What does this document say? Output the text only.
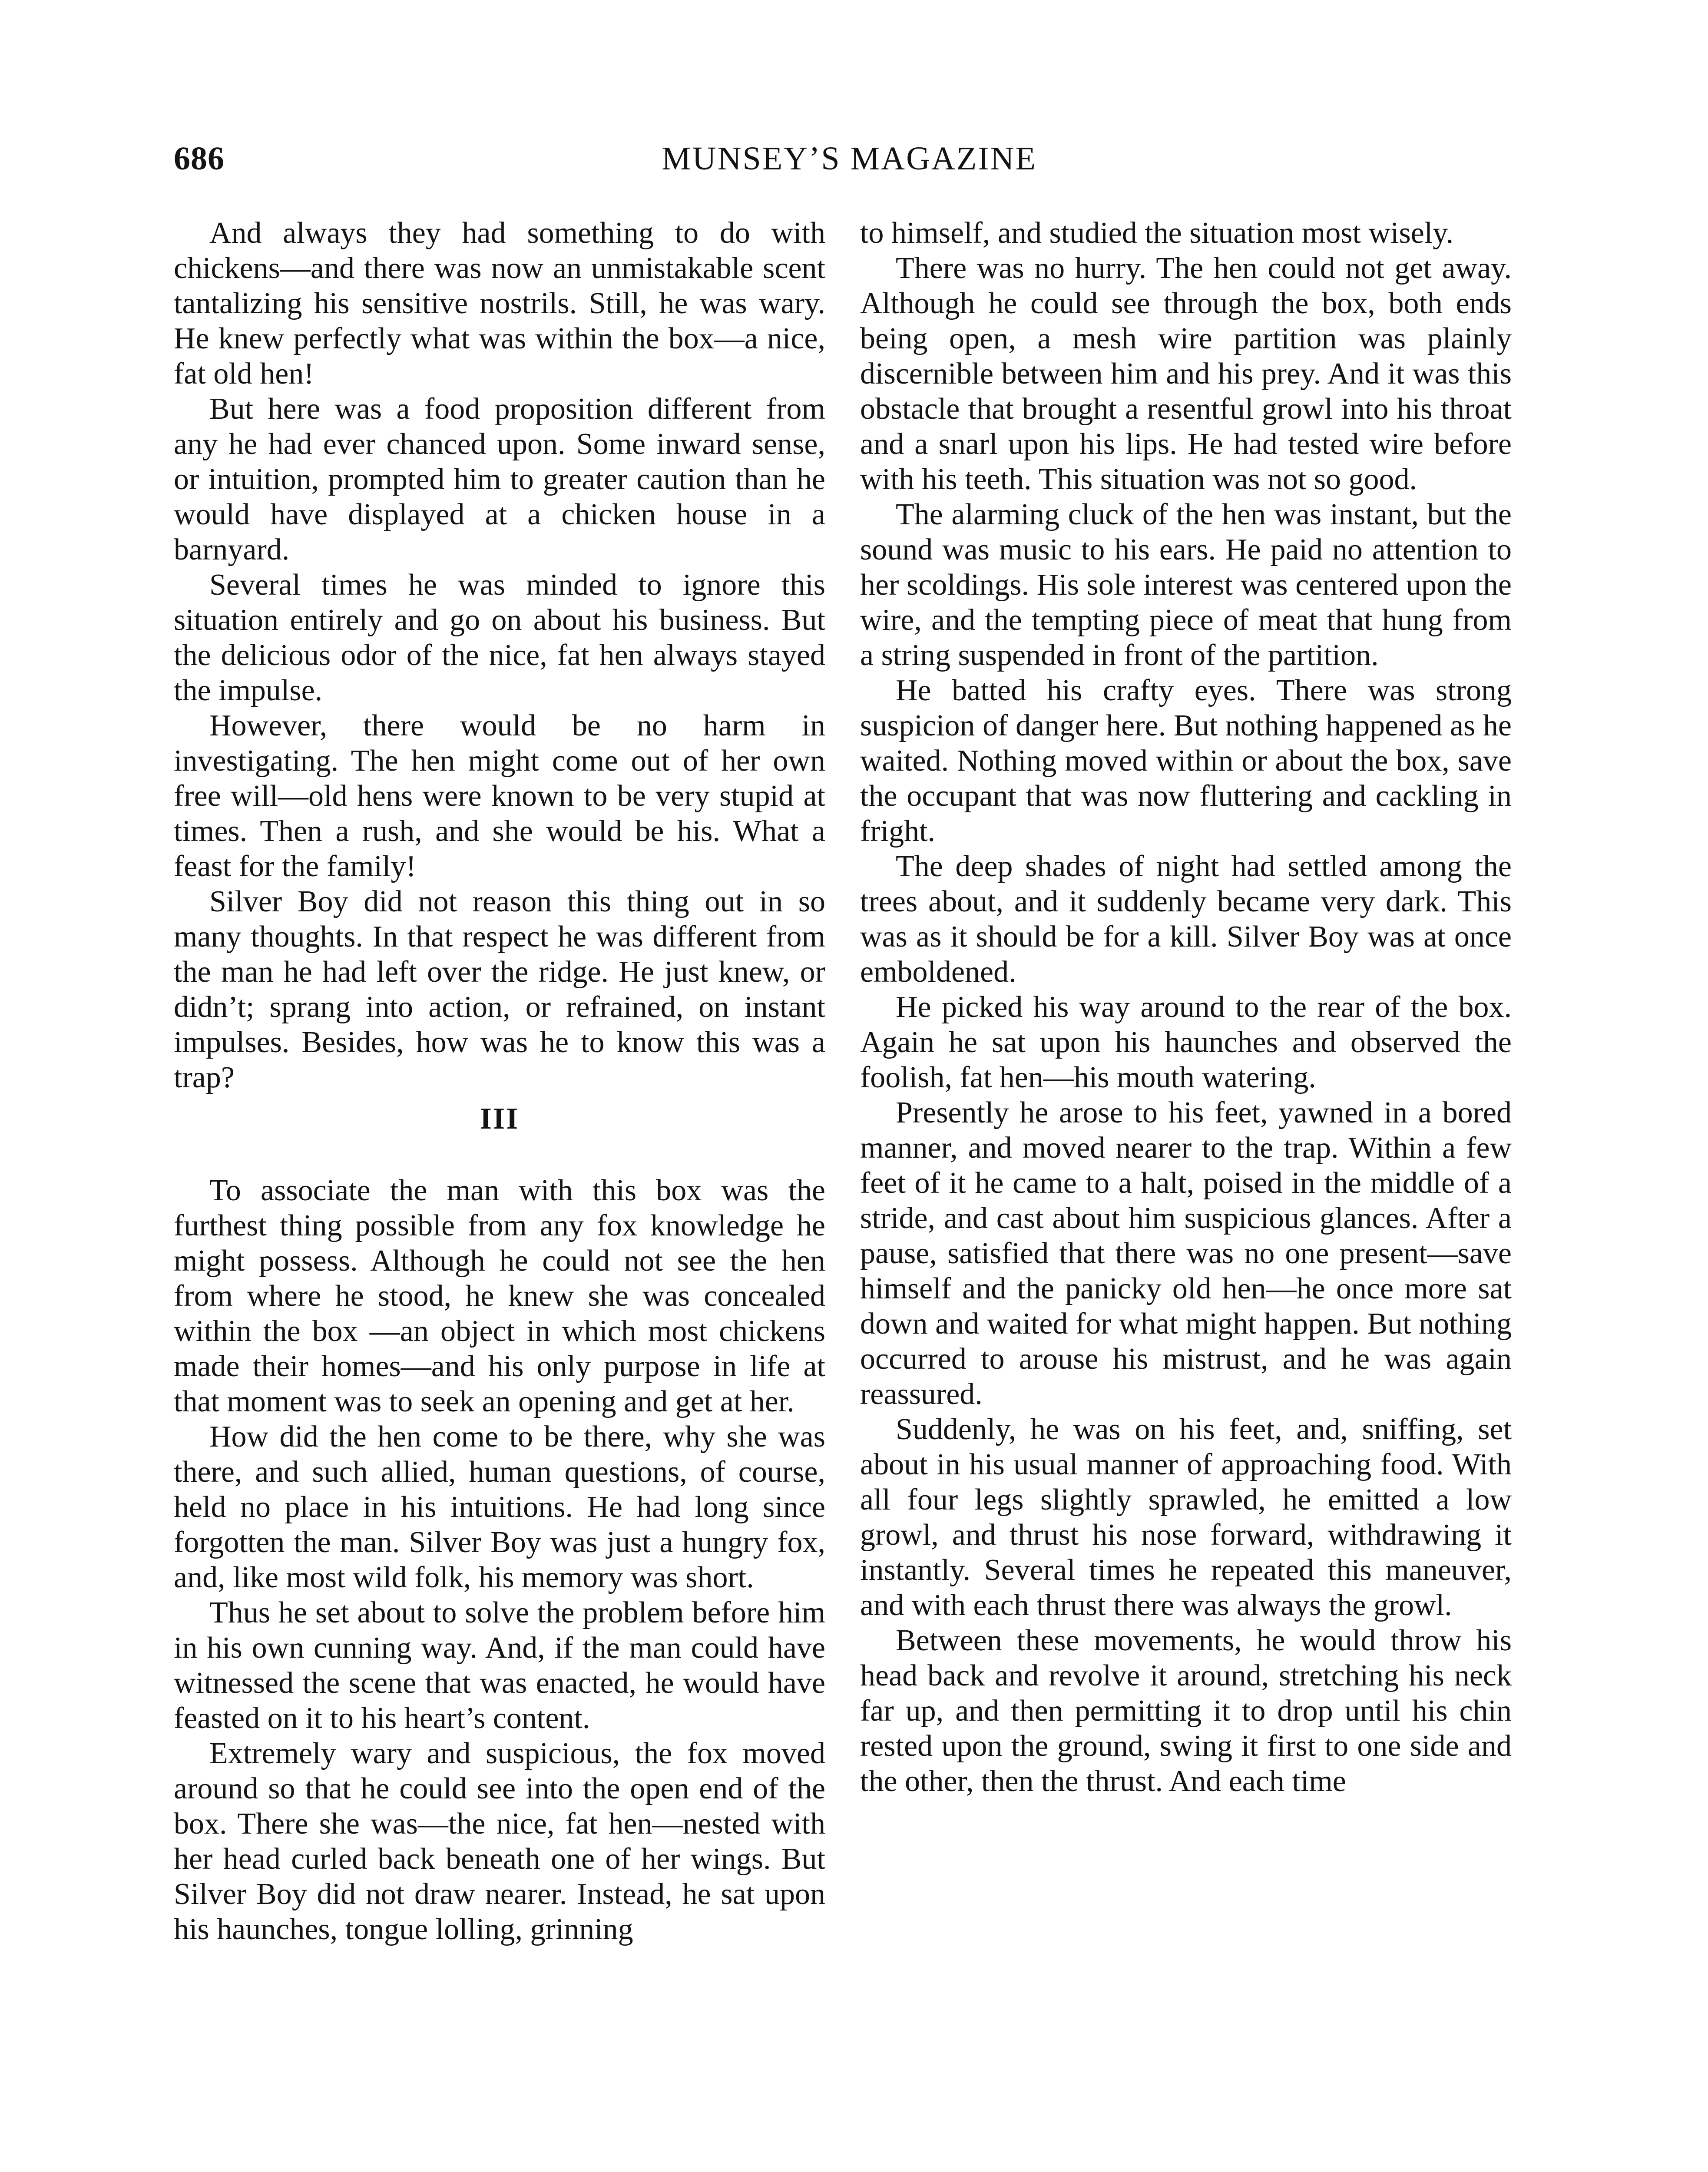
686	MUNSEY’S MAGAZINE

And always they had something to do with chickens—and there was now an unmistakable scent tantalizing his sensitive nostrils. Still, he was wary. He knew perfectly what was within the box—a nice, fat old hen!

But here was a food proposition different from any he had ever chanced upon. Some inward sense, or intuition, prompted him to greater caution than he would have displayed at a chicken house in a barnyard.

Several times he was minded to ignore this situation entirely and go on about his business. But the delicious odor of the nice, fat hen always stayed the impulse.

However, there would be no harm in investigating. The hen might come out of her own free will—old hens were known to be very stupid at times. Then a rush, and she would be his. What a feast for the family!

Silver Boy did not reason this thing out in so many thoughts. In that respect he was different from the man he had left over the ridge. He just knew, or didn’t; sprang into action, or refrained, on instant impulses. Besides, how was he to know this was a trap?

III

To associate the man with this box was the furthest thing possible from any fox knowledge he might possess. Although he could not see the hen from where he stood, he knew she was concealed within the box —an object in which most chickens made their homes—and his only purpose in life at that moment was to seek an opening and get at her.

How did the hen come to be there, why she was there, and such allied, human questions, of course, held no place in his intuitions. He had long since forgotten the man. Silver Boy was just a hungry fox, and, like most wild folk, his memory was short.

Thus he set about to solve the problem before him in his own cunning way. And, if the man could have witnessed the scene that was enacted, he would have feasted on it to his heart’s content.

Extremely wary and suspicious, the fox moved around so that he could see into the open end of the box. There she was—the nice, fat hen—nested with her head curled back beneath one of her wings. But Silver Boy did not draw nearer. Instead, he sat upon his haunches, tongue lolling, grinning

to himself, and studied the situation most wisely.

There was no hurry. The hen could not get away. Although he could see through the box, both ends being open, a mesh wire partition was plainly discernible between him and his prey. And it was this obstacle that brought a resentful growl into his throat and a snarl upon his lips. He had tested wire before with his teeth. This situation was not so good.

The alarming cluck of the hen was instant, but the sound was music to his ears. He paid no attention to her scoldings. His sole interest was centered upon the wire, and the tempting piece of meat that hung from a string suspended in front of the partition.

He batted his crafty eyes. There was strong suspicion of danger here. But nothing happened as he waited. Nothing moved within or about the box, save the occupant that was now fluttering and cackling in fright.

The deep shades of night had settled among the trees about, and it suddenly became very dark. This was as it should be for a kill. Silver Boy was at once emboldened.

He picked his way around to the rear of the box. Again he sat upon his haunches and observed the foolish, fat hen—his mouth watering.

Presently he arose to his feet, yawned in a bored manner, and moved nearer to the trap. Within a few feet of it he came to a halt, poised in the middle of a stride, and cast about him suspicious glances. After a pause, satisfied that there was no one present—save himself and the panicky old hen—he once more sat down and waited for what might happen. But nothing occurred to arouse his mistrust, and he was again reassured.

Suddenly, he was on his feet, and, sniffing, set about in his usual manner of approaching food. With all four legs slightly sprawled, he emitted a low growl, and thrust his nose forward, withdrawing it instantly. Several times he repeated this maneuver, and with each thrust there was always the growl.

Between these movements, he would throw his head back and revolve it around, stretching his neck far up, and then permitting it to drop until his chin rested upon the ground, swing it first to one side and the other, then the thrust. And each time
